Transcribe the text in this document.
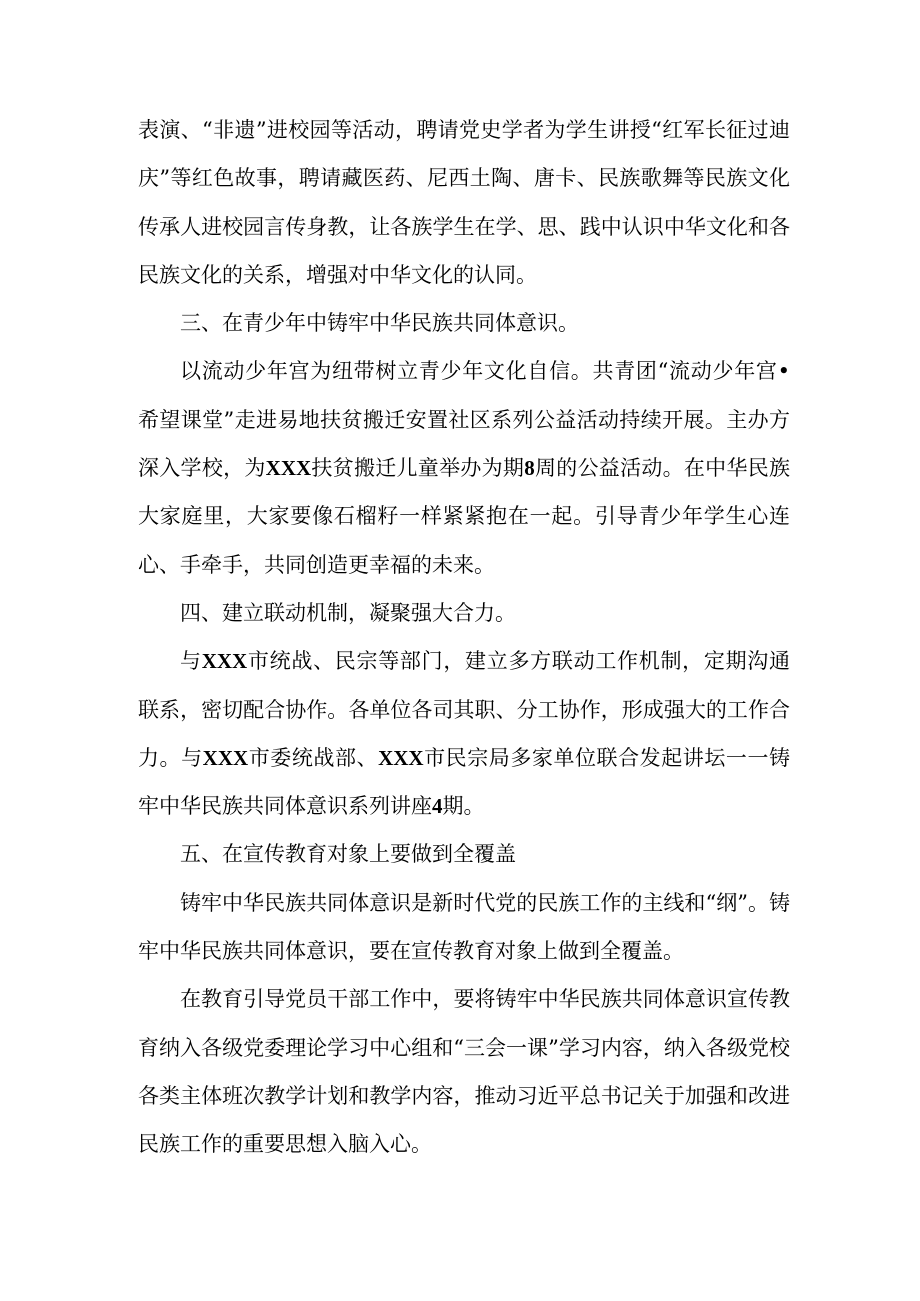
表演、“非遗”进校园等活动，聘请党史学者为学生讲授“红军长征过迪庆”等红色故事，聘请藏医药、尼西土陶、唐卡、民族歌舞等民族文化传承人进校园言传身教，让各族学生在学、思、践中认识中华文化和各民族文化的关系，增强对中华文化的认同。

三、在青少年中铸牢中华民族共同体意识。

以流动少年宫为纽带树立青少年文化自信。共青团“流动少年宫•希望课堂”走进易地扶贫搬迁安置社区系列公益活动持续开展。主办方深入学校，为XXX扶贫搬迁儿童举办为期8周的公益活动。在中华民族大家庭里，大家要像石榴籽一样紧紧抱在一起。引导青少年学生心连心、手牵手，共同创造更幸福的未来。

四、建立联动机制，凝聚强大合力。

与XXX市统战、民宗等部门，建立多方联动工作机制，定期沟通联系，密切配合协作。各单位各司其职、分工协作，形成强大的工作合力。与XXX市委统战部、XXX市民宗局多家单位联合发起讲坛一一铸牢中华民族共同体意识系列讲座4期。

五、在宣传教育对象上要做到全覆盖

铸牢中华民族共同体意识是新时代党的民族工作的主线和“纲”。铸牢中华民族共同体意识，要在宣传教育对象上做到全覆盖。

在教育引导党员干部工作中，要将铸牢中华民族共同体意识宣传教育纳入各级党委理论学习中心组和“三会一课”学习内容，纳入各级党校各类主体班次教学计划和教学内容，推动习近平总书记关于加强和改进民族工作的重要思想入脑入心。
